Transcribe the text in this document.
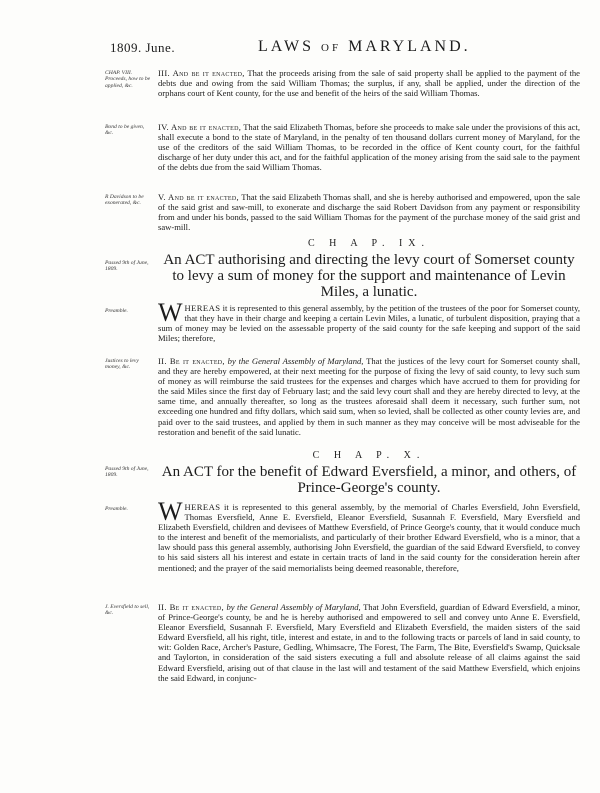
1809. June.	LAWS of MARYLAND.
CHAP. VIII. Proceeds, how to be applied, &c.
III. And be it enacted, That the proceeds arising from the sale of said property shall be applied to the payment of the debts due and owing from the said William Thomas; the surplus, if any, shall be applied, under the direction of the orphans court of Kent county, for the use and benefit of the heirs of the said William Thomas.
Bond to be given, &c.
IV. And be it enacted, That the said Elizabeth Thomas, before she proceeds to make sale under the provisions of this act, shall execute a bond to the state of Maryland, in the penalty of ten thousand dollars current money of Maryland, for the use of the creditors of the said William Thomas, to be recorded in the office of Kent county court, for the faithful discharge of her duty under this act, and for the faithful application of the money arising from the said sale to the payment of the debts due from the said William Thomas.
R Davidson to be exonerated, &c.
V. And be it enacted, That the said Elizabeth Thomas shall, and she is hereby authorised and empowered, upon the sale of the said grist and saw-mill, to exonerate and discharge the said Robert Davidson from any payment or responsibility from and under his bonds, passed to the said William Thomas for the payment of the purchase money of the said grist and saw-mill.
C H A P. IX.
Passed 9th of June, 1809.
An ACT authorising and directing the levy court of Somerset county to levy a sum of money for the support and maintenance of Levin Miles, a lunatic.
Preamble.	WHEREAS it is represented to this general assembly, by the petition of the trustees of the poor for Somerset county, that they have in their charge and keeping a certain Levin Miles, a lunatic, of turbulent disposition, praying that a sum of money may be levied on the assessable property of the said county for the safe keeping and support of the said Miles; therefore,
Justices to levy money, &c.
II. Be it enacted, by the General Assembly of Maryland, That the justices of the levy court for Somerset county shall, and they are hereby empowered, at their next meeting for the purpose of fixing the levy of said county, to levy such sum of money as will reimburse the said trustees for the expenses and charges which have accrued to them for providing for the said Miles since the first day of February last; and the said levy court shall and they are hereby directed to levy, at the same time, and annually thereafter, so long as the trustees aforesaid shall deem it necessary, such further sum, not exceeding one hundred and fifty dollars, which said sum, when so levied, shall be collected as other county levies are, and paid over to the said trustees, and applied by them in such manner as they may conceive will be most adviseable for the restoration and benefit of the said lunatic.
C H A P. X.
Passed 9th of June, 1809.	An ACT for the benefit of Edward Eversfield, a minor, and others, of Prince-George's county.
Preamble.	WHEREAS it is represented to this general assembly, by the memorial of Charles Eversfield, John Eversfield, Thomas Eversfield, Anne E. Eversfield, Eleanor Eversfield, Susannah F. Eversfield, Mary Eversfield and Elizabeth Eversfield, children and devisees of Matthew Eversfield, of Prince George's county, that it would conduce much to the interest and benefit of the memorialists, and particularly of their brother Edward Eversfield, who is a minor, that a law should pass this general assembly, authorising John Eversfield, the guardian of the said Edward Eversfield, to convey to his said sisters all his interest and estate in certain tracts of land in the said county for the consideration herein after mentioned; and the prayer of the said memorialists being deemed reasonable, therefore,
J. Eversfield to sell, &c.
II. Be it enacted, by the General Assembly of Maryland, That John Eversfield, guardian of Edward Eversfield, a minor, of Prince-George's county, be and he is hereby authorised and empowered to sell and convey unto Anne E. Eversfield, Eleanor Eversfield, Susannah F. Eversfield, Mary Eversfield and Elizabeth Eversfield, the maiden sisters of the said Edward Eversfield, all his right, title, interest and estate, in and to the following tracts or parcels of land in said county, to wit: Golden Race, Archer's Pasture, Gedling, Whimsacre, The Forest, The Farm, The Bite, Eversfield's Swamp, Quicksale and Taylorton, in consideration of the said sisters executing a full and absolute release of all claims against the said Edward Eversfield, arising out of that clause in the last will and testament of the said Matthew Eversfield, which enjoins the said Edward, in conjunc-
